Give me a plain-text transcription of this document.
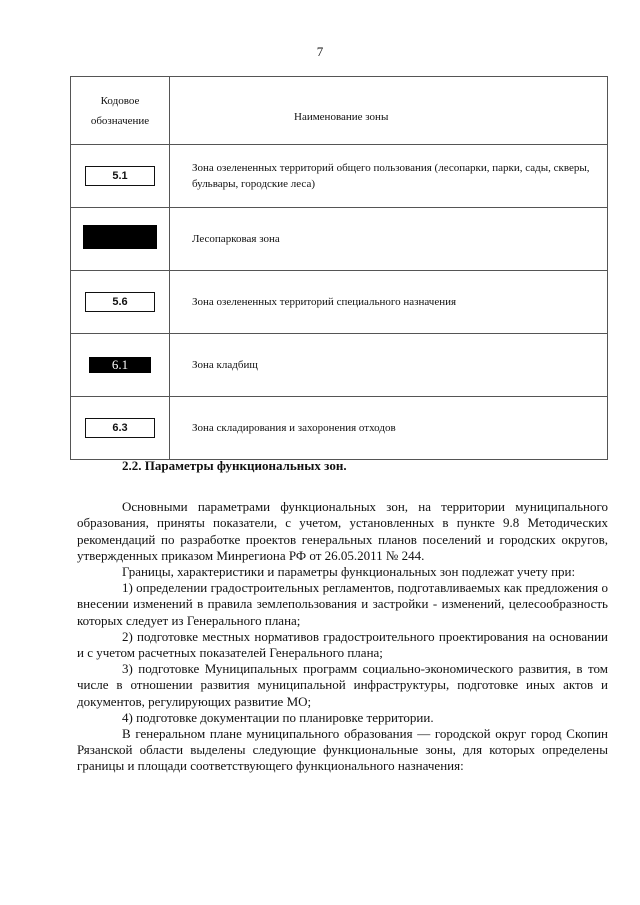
7
Кодовое обозначение	Наименование зоны
5.1	Зона озелененных территорий общего пользования (лесопарки, парки, сады, скверы, бульвары, городские леса)
	Лесопарковая зона
5.6	Зона озелененных территорий специального назначения
6.1	Зона кладбищ
6.3	Зона складирования и захоронения отходов
2.2. Параметры функциональных зон.

Основными параметрами функциональных зон, на территории муниципального образования, приняты показатели, с учетом, установленных в пункте 9.8 Методических рекомендаций по разработке проектов генеральных планов поселений и городских округов, утвержденных приказом Минрегиона РФ от 26.05.2011 № 244.

Границы, характеристики и параметры функциональных зон подлежат учету при:

1) определении градостроительных регламентов, подготавливаемых как предложения о внесении изменений в правила землепользования и застройки - изменений, целесообразность которых следует из Генерального плана;

2) подготовке местных нормативов градостроительного проектирования на основании и с учетом расчетных показателей Генерального плана;

3) подготовке Муниципальных программ социально-экономического развития, в том числе в отношении развития муниципальной инфраструктуры, подготовке иных актов и документов, регулирующих развитие МО;

4) подготовке документации по планировке территории.

В генеральном плане муниципального образования — городской округ город Скопин Рязанской области выделены следующие функциональные зоны, для которых определены границы и площади соответствующего функционального назначения:
